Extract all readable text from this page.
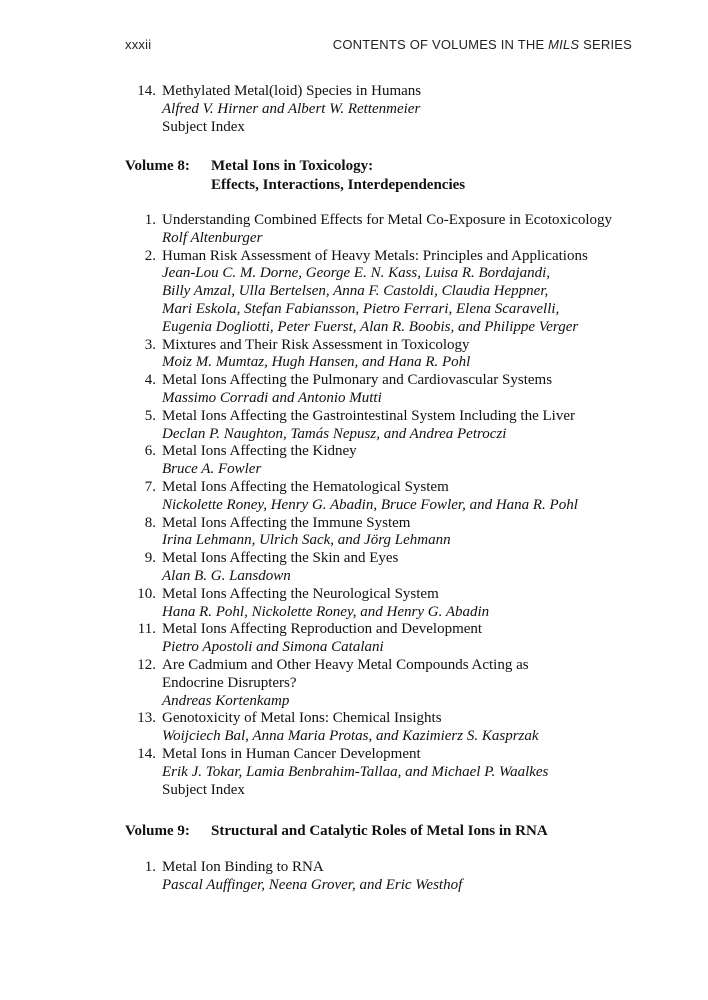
xxxii	CONTENTS OF VOLUMES IN THE MILS SERIES
14. Methylated Metal(loid) Species in Humans
Alfred V. Hirner and Albert W. Rettenmeier
Subject Index
Volume 8: Metal Ions in Toxicology:
Effects, Interactions, Interdependencies
1. Understanding Combined Effects for Metal Co-Exposure in Ecotoxicology
Rolf Altenburger
2. Human Risk Assessment of Heavy Metals: Principles and Applications
Jean-Lou C. M. Dorne, George E. N. Kass, Luisa R. Bordajandi,
Billy Amzal, Ulla Bertelsen, Anna F. Castoldi, Claudia Heppner,
Mari Eskola, Stefan Fabiansson, Pietro Ferrari, Elena Scaravelli,
Eugenia Dogliotti, Peter Fuerst, Alan R. Boobis, and Philippe Verger
3. Mixtures and Their Risk Assessment in Toxicology
Moiz M. Mumtaz, Hugh Hansen, and Hana R. Pohl
4. Metal Ions Affecting the Pulmonary and Cardiovascular Systems
Massimo Corradi and Antonio Mutti
5. Metal Ions Affecting the Gastrointestinal System Including the Liver
Declan P. Naughton, Tamás Nepusz, and Andrea Petroczi
6. Metal Ions Affecting the Kidney
Bruce A. Fowler
7. Metal Ions Affecting the Hematological System
Nickolette Roney, Henry G. Abadin, Bruce Fowler, and Hana R. Pohl
8. Metal Ions Affecting the Immune System
Irina Lehmann, Ulrich Sack, and Jörg Lehmann
9. Metal Ions Affecting the Skin and Eyes
Alan B. G. Lansdown
10. Metal Ions Affecting the Neurological System
Hana R. Pohl, Nickolette Roney, and Henry G. Abadin
11. Metal Ions Affecting Reproduction and Development
Pietro Apostoli and Simona Catalani
12. Are Cadmium and Other Heavy Metal Compounds Acting as
Endocrine Disrupters?
Andreas Kortenkamp
13. Genotoxicity of Metal Ions: Chemical Insights
Woijciech Bal, Anna Maria Protas, and Kazimierz S. Kasprzak
14. Metal Ions in Human Cancer Development
Erik J. Tokar, Lamia Benbrahim-Tallaa, and Michael P. Waalkes
Subject Index
Volume 9: Structural and Catalytic Roles of Metal Ions in RNA
1. Metal Ion Binding to RNA
Pascal Auffinger, Neena Grover, and Eric Westhof
